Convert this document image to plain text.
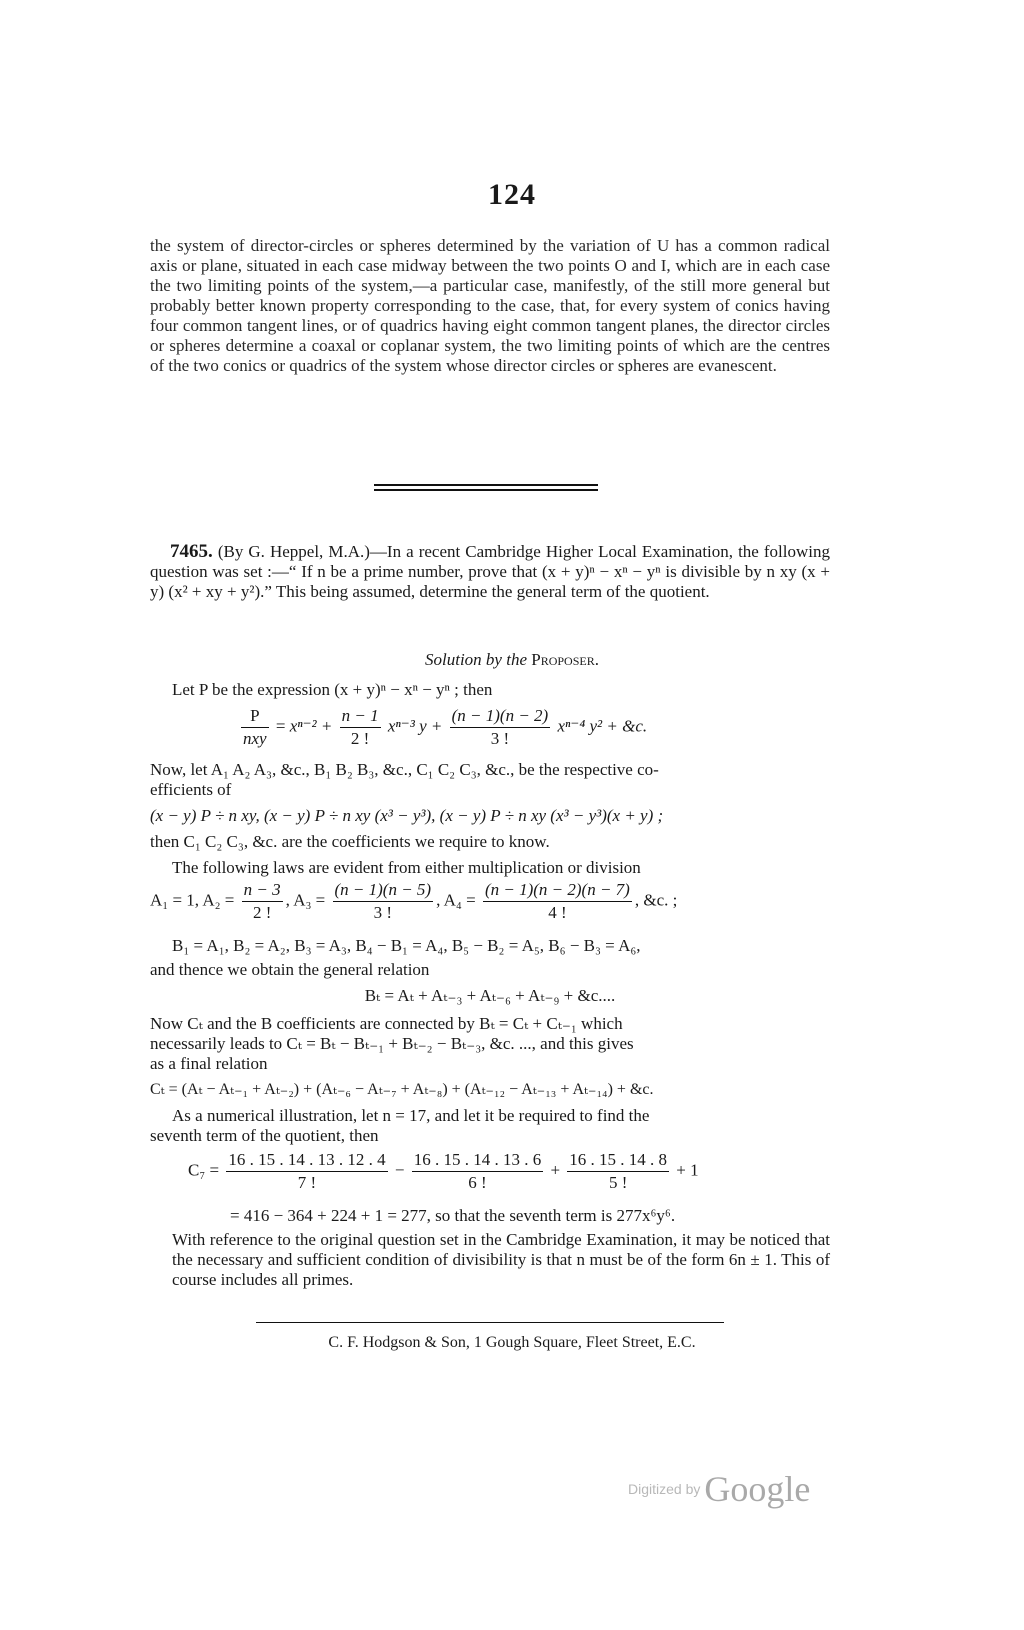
124
the system of director-circles or spheres determined by the variation of U has a common radical axis or plane, situated in each case midway between the two points O and I, which are in each case the two limiting points of the system,—a particular case, manifestly, of the still more general but probably better known property corresponding to the case, that, for every system of conics having four common tangent lines, or of quadrics having eight common tangent planes, the director circles or spheres determine a coaxal or coplanar system, the two limiting points of which are the centres of the two conics or quadrics of the system whose director circles or spheres are evanescent.
7465. (By G. Heppel, M.A.)—In a recent Cambridge Higher Local Examination, the following question was set :—“ If n be a prime number, prove that (x + y)ⁿ − xⁿ − yⁿ is divisible by n xy (x + y) (x² + xy + y²).” This being assumed, determine the general term of the quotient.
Solution by the Proposer.
Let P be the expression (x + y)ⁿ − xⁿ − yⁿ ; then
$\frac{P}{\text{nxy}} = x^{n-2} + \frac{n - 1}{2 !} x^{n-3}$ $y + \frac{(n - 1)(n - 2)}{3 !} x^{n-4}$ y² + &c.
Now, let A₁ A₂ A₃, &c., B₁ B₂ B₃, &c., C₁ C₂ C₃, &c., be the respective co-
efficients of
(x − y) P ÷ n xy, (x − y) P ÷ n xy (x³ − y³), (x − y) P ÷ n xy (x³ − y³)(x + y) ;
then C₁ C₂ C₃, &c. are the coefficients we require to know.
The following laws are evident from either multiplication or division
A₁ = 1, $A_2 = \frac{n - 3}{2 !}$ , $A_3 = \frac{(n - 1)(n - 5)}{3 !}$ , $A_4 = \frac{(n - 1)(n - 2)(n - 7)}{4 !}$ , &c. ;
B₁ = A₁, B₂ = A₂, B₃ = A₃, B₄ − B₁ = A₄, B₅ − B₂ = A₅, B₆ − B₃ = A₆,
and thence we obtain the general relation
Bₜ = Aₜ + Aₜ₋₃ + Aₜ₋₆ + Aₜ₋₉ + &c....
Now Cₜ and the B coefficients are connected by Bₜ = Cₜ + Cₜ₋₁ which
necessarily leads to Cₜ = Bₜ − Bₜ₋₁ + Bₜ₋₂ − Bₜ₋₃, &c. ..., and this gives
as a final relation
Cₜ = (Aₜ − Aₜ₋₁ + Aₜ₋₂) + (Aₜ₋₆ − Aₜ₋₇ + Aₜ₋₈) + (Aₜ₋₁₂ − Aₜ₋₁₃ + Aₜ₋₁₄) + &c.
As a numerical illustration, let n = 17, and let it be required to find the
seventh term of the quotient, then
$C_7 = \frac{16 . 15 . 14 . 13 . 12 . 4}{7 !} - \frac{16 . 15 . 14 . 13 . 6}{6 !} + \frac{16 . 15 . 14 . 8}{5 !} + 1$
= 416 − 364 + 224 + 1 = 277, so that the seventh term is 277x⁶y⁶.
With reference to the original question set in the Cambridge Examination, it may be noticed that the necessary and sufficient condition of divisibility is that n must be of the form 6n ± 1. This of course includes all primes.
C. F. Hodgson & Son, 1 Gough Square, Fleet Street, E.C.
Digitized by Google
